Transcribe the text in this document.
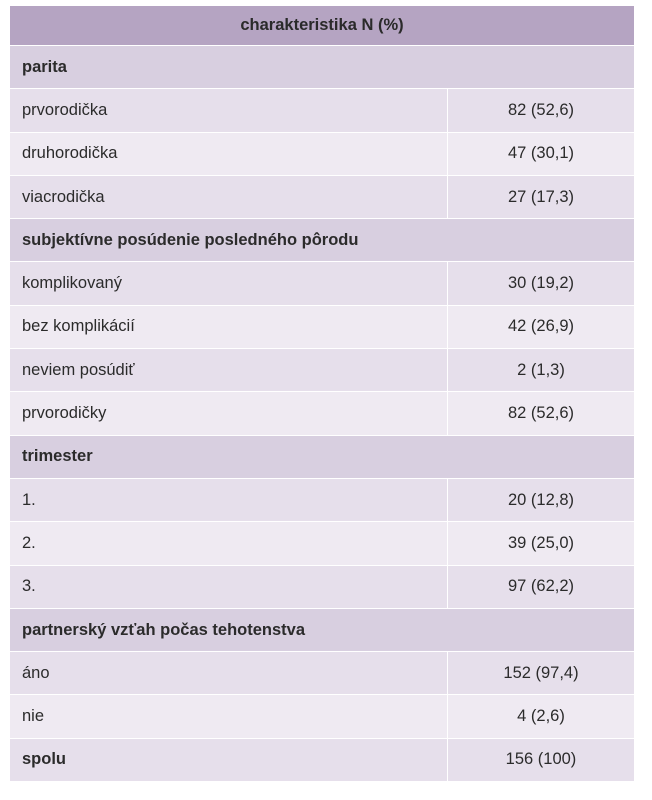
charakteristika N (%)
parita
prvorodička	82 (52,6)
druhorodička	47 (30,1)
viacrodička	27 (17,3)
subjektívne posúdenie posledného pôrodu
komplikovaný	30 (19,2)
bez komplikácií	42 (26,9)
neviem posúdiť	2 (1,3)
prvorodičky	82 (52,6)
trimester
1.	20 (12,8)
2.	39 (25,0)
3.	97 (62,2)
partnerský vzťah počas tehotenstva
áno	152 (97,4)
nie	4 (2,6)
spolu	156 (100)
